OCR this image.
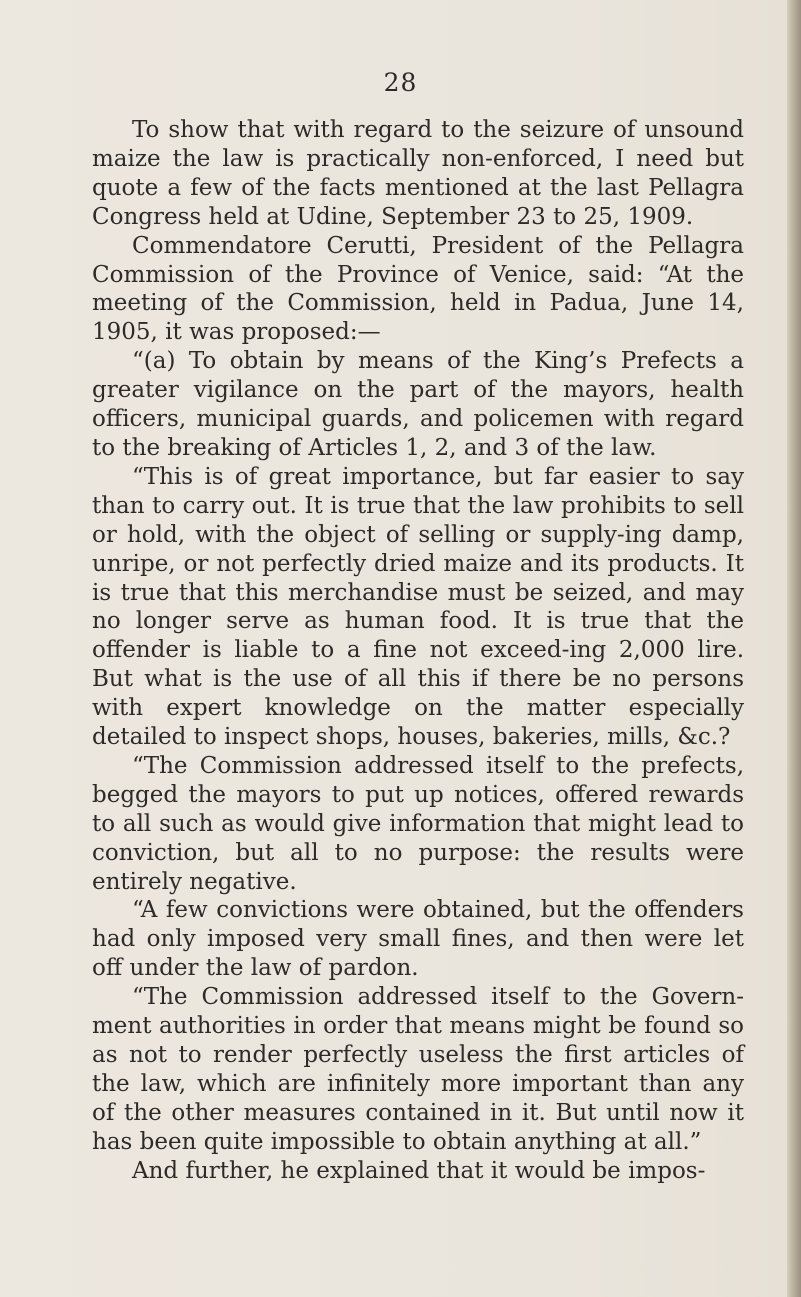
28

To show that with regard to the seizure of unsound maize the law is practically non-enforced, I need but quote a few of the facts mentioned at the last Pellagra Congress held at Udine, September 23 to 25, 1909.

Commendatore Cerutti, President of the Pellagra Commission of the Province of Venice, said: “At the meeting of the Commission, held in Padua, June 14, 1905, it was proposed:—

“(a) To obtain by means of the King’s Prefects a greater vigilance on the part of the mayors, health officers, municipal guards, and policemen with regard to the breaking of Articles 1, 2, and 3 of the law.

“This is of great importance, but far easier to say than to carry out. It is true that the law prohibits to sell or hold, with the object of selling or supply-ing damp, unripe, or not perfectly dried maize and its products. It is true that this merchandise must be seized, and may no longer serve as human food. It is true that the offender is liable to a fine not exceed-ing 2,000 lire. But what is the use of all this if there be no persons with expert knowledge on the matter especially detailed to inspect shops, houses, bakeries, mills, &c.?

“The Commission addressed itself to the prefects, begged the mayors to put up notices, offered rewards to all such as would give information that might lead to conviction, but all to no purpose: the results were entirely negative.

“A few convictions were obtained, but the offenders had only imposed very small fines, and then were let off under the law of pardon.

“The Commission addressed itself to the Govern-ment authorities in order that means might be found so as not to render perfectly useless the first articles of the law, which are infinitely more important than any of the other measures contained in it. But until now it has been quite impossible to obtain anything at all.”

And further, he explained that it would be impos-
